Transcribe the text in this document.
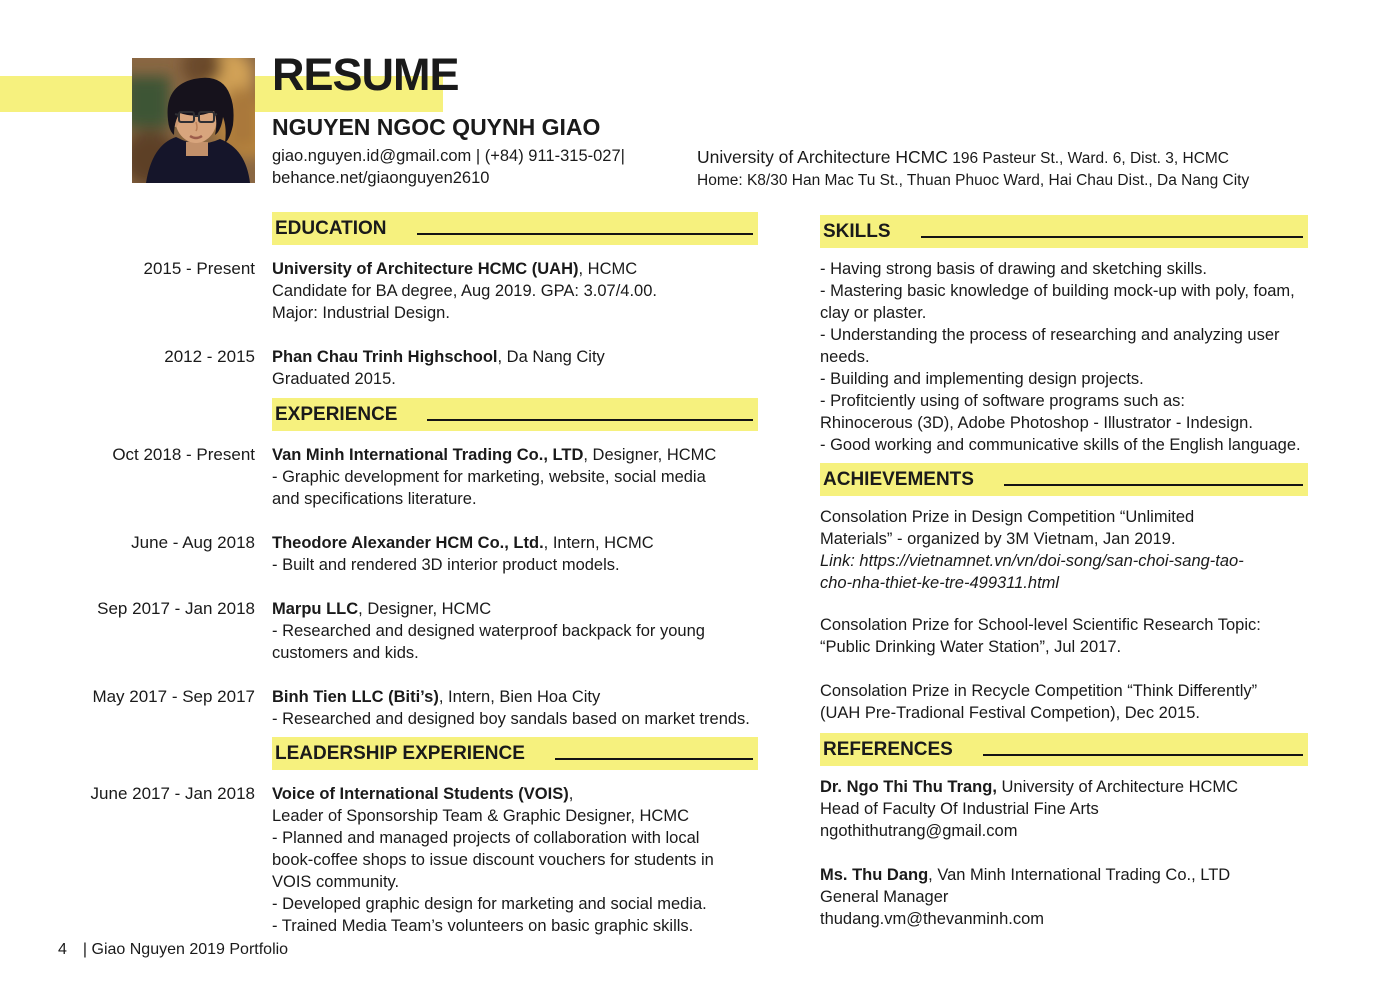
RESUME
NGUYEN NGOC QUYNH GIAO
giao.nguyen.id@gmail.com | (+84) 911-315-027|
behance.net/giaonguyen2610
University of Architecture HCMC 196 Pasteur St., Ward. 6, Dist. 3, HCMC
Home: K8/30 Han Mac Tu St., Thuan Phuoc Ward, Hai Chau Dist., Da Nang City
EDUCATION
2015 - Present University of Architecture HCMC (UAH), HCMC
Candidate for BA degree, Aug 2019. GPA: 3.07/4.00.
Major: Industrial Design.
2012 - 2015 Phan Chau Trinh Highschool, Da Nang City
Graduated 2015.
EXPERIENCE
Oct 2018 - Present Van Minh International Trading Co., LTD, Designer, HCMC
- Graphic development for marketing, website, social media
and specifications literature.
June - Aug 2018 Theodore Alexander HCM Co., Ltd., Intern, HCMC
- Built and rendered 3D interior product models.
Sep 2017 - Jan 2018 Marpu LLC, Designer, HCMC
- Researched and designed waterproof backpack for young
customers and kids.
May 2017 - Sep 2017 Binh Tien LLC (Biti’s), Intern, Bien Hoa City
- Researched and designed boy sandals based on market trends.
LEADERSHIP EXPERIENCE
June 2017 - Jan 2018 Voice of International Students (VOIS),
Leader of Sponsorship Team & Graphic Designer, HCMC
- Planned and managed projects of collaboration with local
book-coffee shops to issue discount vouchers for students in
VOIS community.
- Developed graphic design for marketing and social media.
- Trained Media Team’s volunteers on basic graphic skills.
SKILLS
- Having strong basis of drawing and sketching skills.
- Mastering basic knowledge of building mock-up with poly, foam,
clay or plaster.
- Understanding the process of researching and analyzing user
needs.
- Building and implementing design projects.
- Profitciently using of software programs such as:
Rhinocerous (3D), Adobe Photoshop - Illustrator - Indesign.
- Good working and communicative skills of the English language.
ACHIEVEMENTS
Consolation Prize in Design Competition “Unlimited
Materials” - organized by 3M Vietnam, Jan 2019.
Link: https://vietnamnet.vn/vn/doi-song/san-choi-sang-tao-
cho-nha-thiet-ke-tre-499311.html
Consolation Prize for School-level Scientific Research Topic:
“Public Drinking Water Station”, Jul 2017.
Consolation Prize in Recycle Competition “Think Differently”
(UAH Pre-Tradional Festival Competion), Dec 2015.
REFERENCES
Dr. Ngo Thi Thu Trang, University of Architecture HCMC
Head of Faculty Of Industrial Fine Arts
ngothithutrang@gmail.com
Ms. Thu Dang, Van Minh International Trading Co., LTD
General Manager
thudang.vm@thevanminh.com
4 | Giao Nguyen 2019 Portfolio
